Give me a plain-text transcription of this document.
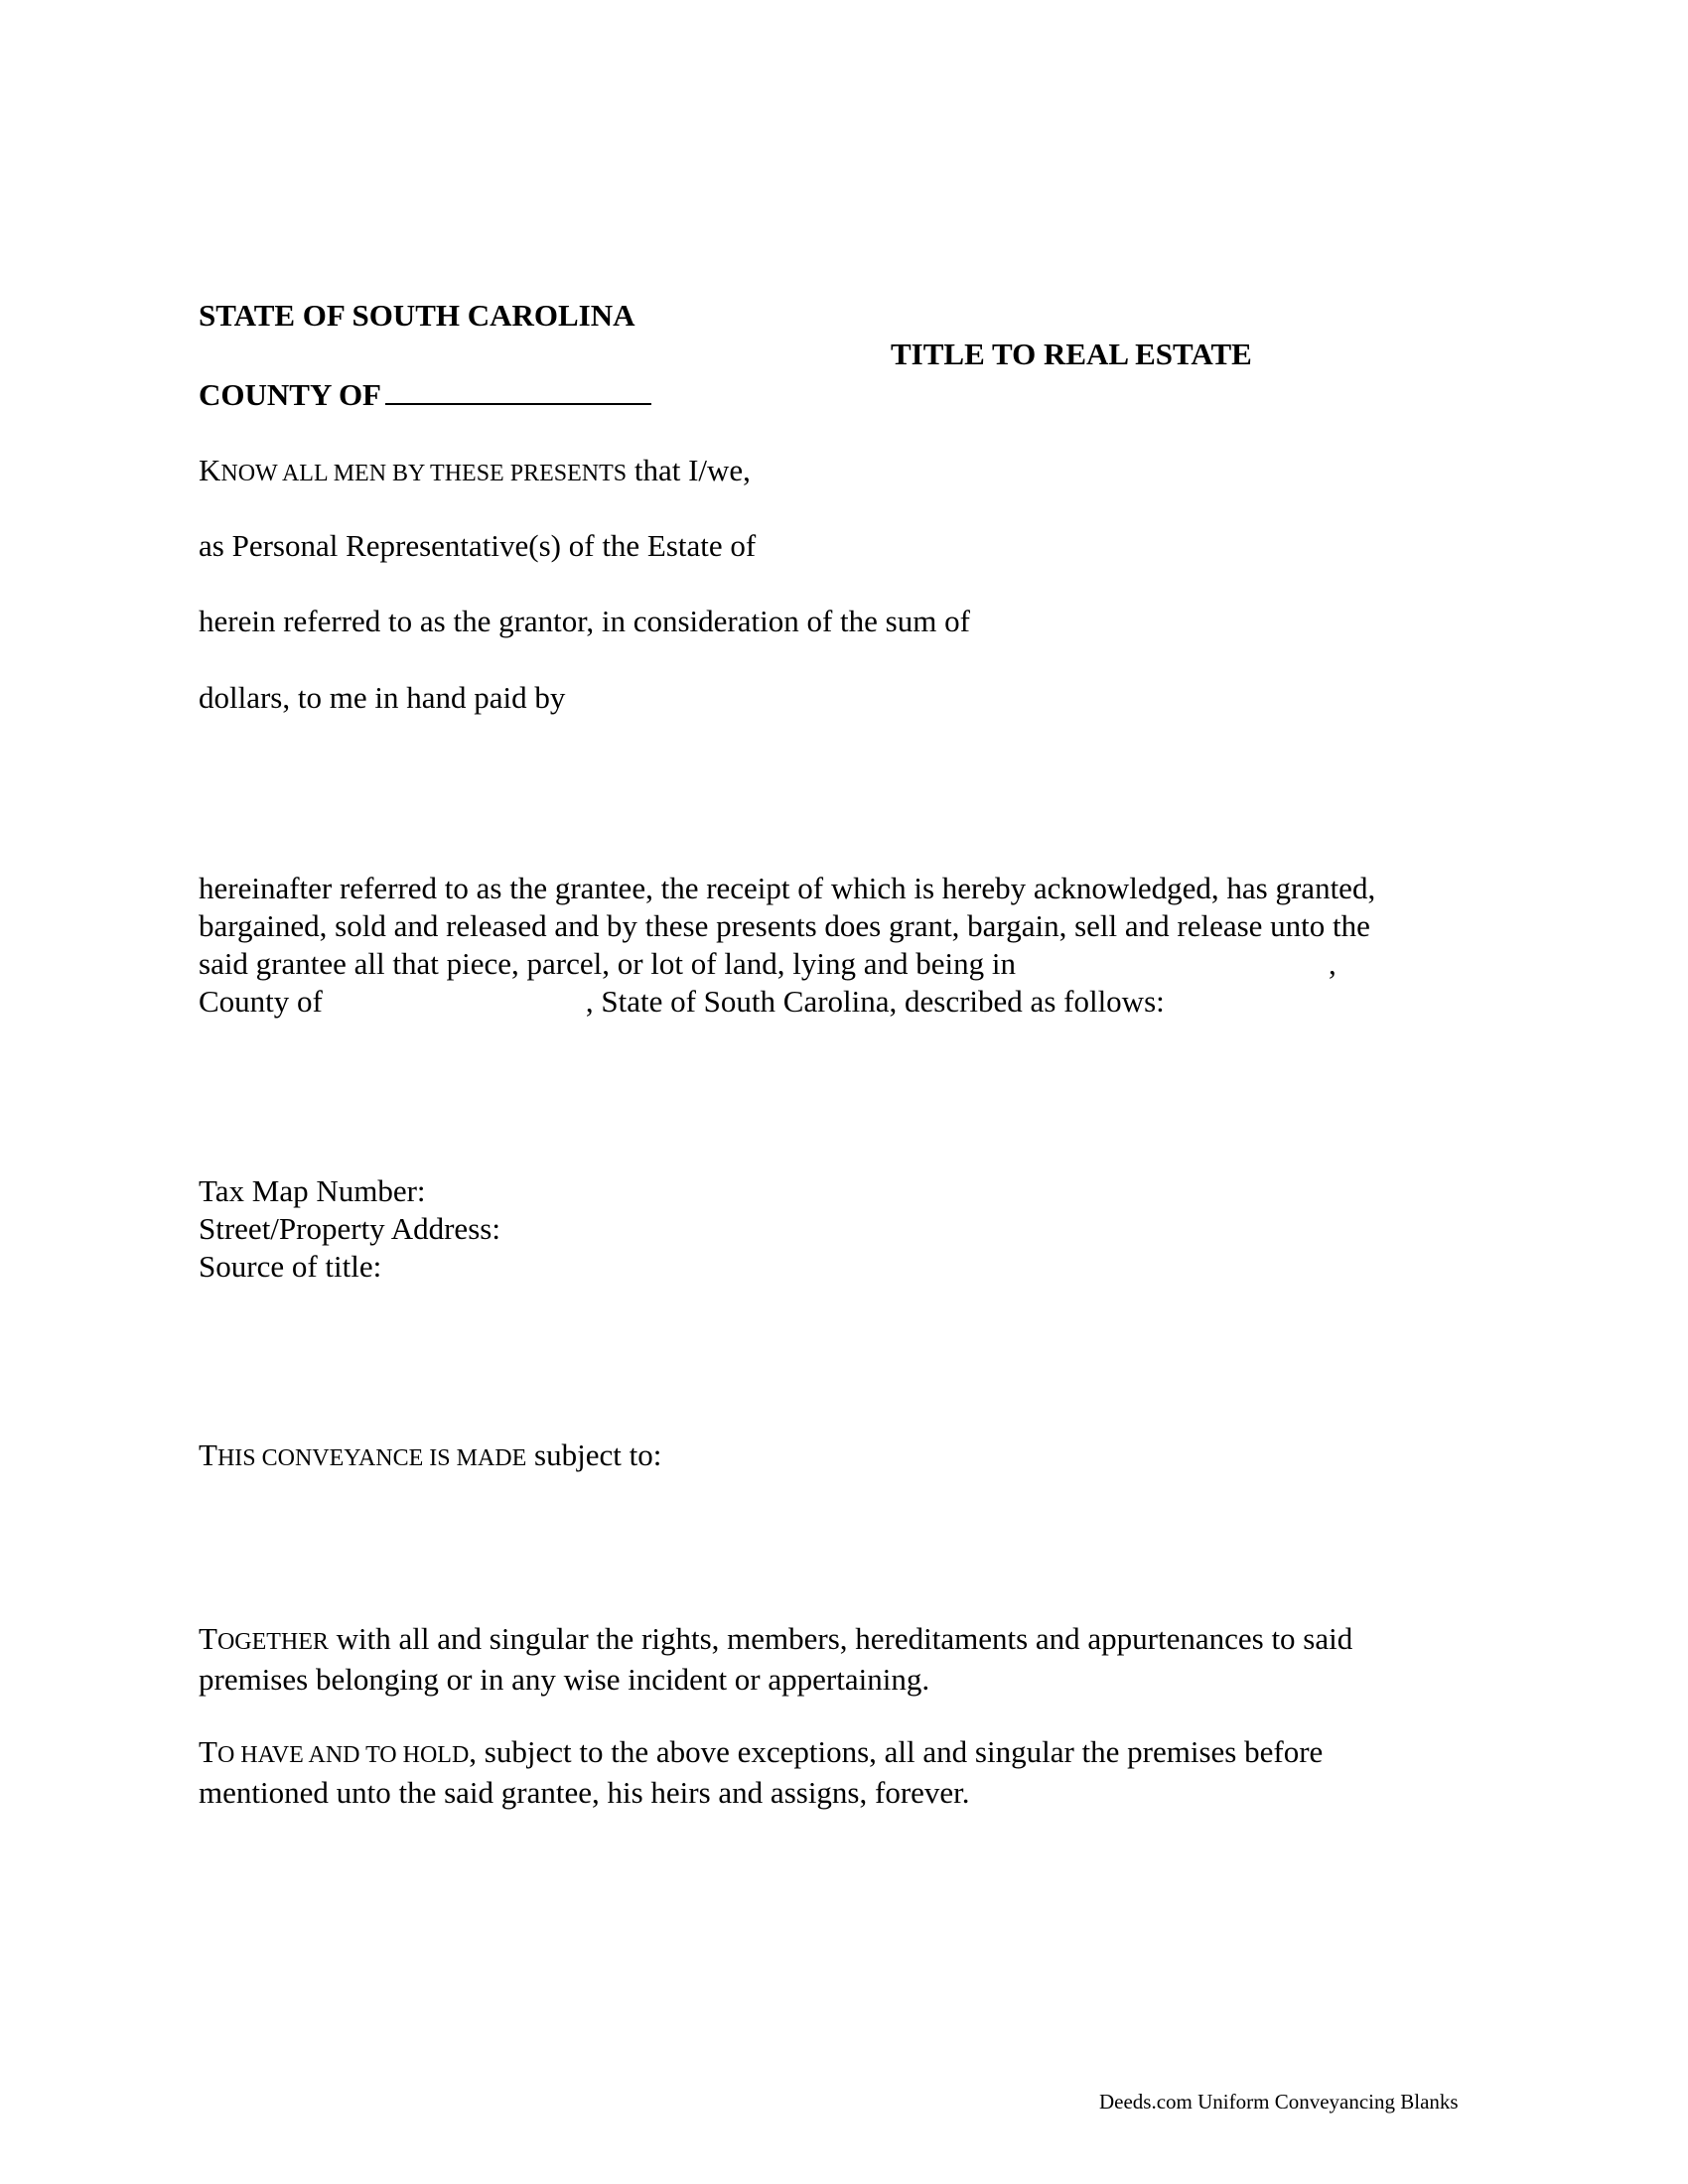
STATE OF SOUTH CAROLINA
TITLE TO REAL ESTATE
COUNTY OF
KNOW ALL MEN BY THESE PRESENTS that I/we,
as Personal Representative(s) of the Estate of
herein referred to as the grantor, in consideration of the sum of
dollars, to me in hand paid by
hereinafter referred to as the grantee, the receipt of which is hereby acknowledged, has granted,
bargained, sold and released and by these presents does grant, bargain, sell and release unto the
said grantee all that piece, parcel, or lot of land, lying and being in	,
County of	, State of South Carolina, described as follows:
Tax Map Number:
Street/Property Address:
Source of title:
THIS CONVEYANCE IS MADE subject to:
TOGETHER with all and singular the rights, members, hereditaments and appurtenances to said
premises belonging or in any wise incident or appertaining.
TO HAVE AND TO HOLD, subject to the above exceptions, all and singular the premises before
mentioned unto the said grantee, his heirs and assigns, forever.
Deeds.com Uniform Conveyancing Blanks
